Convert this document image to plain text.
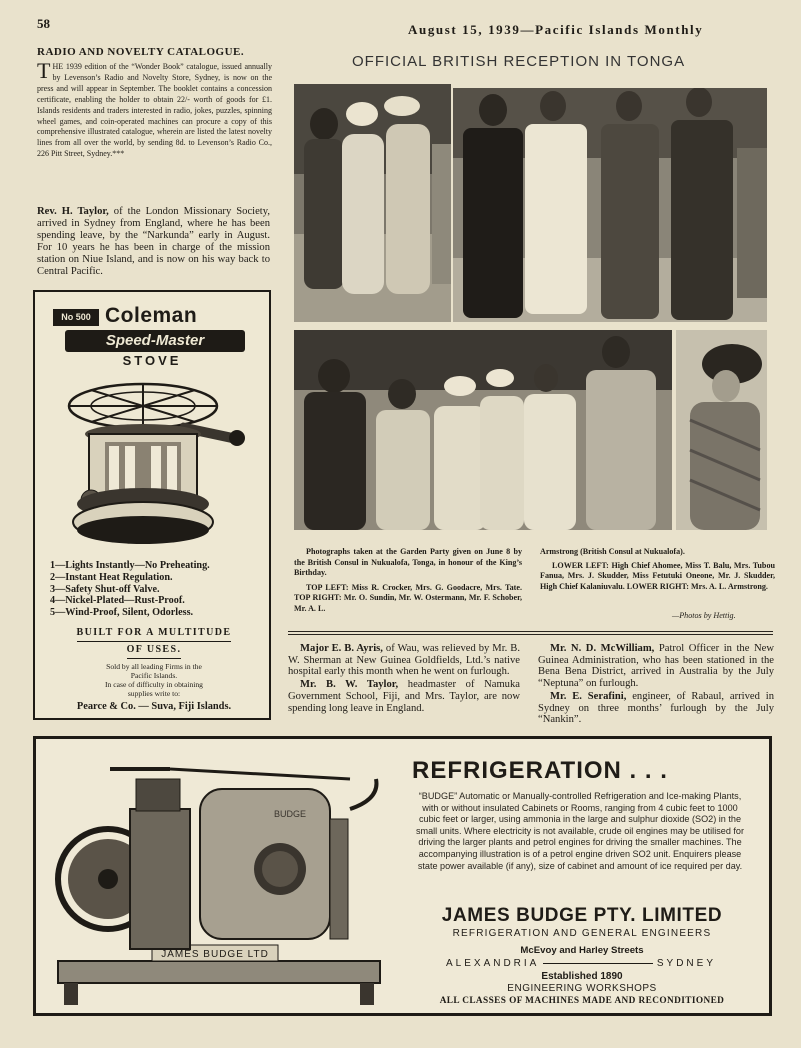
58	August 15, 1939—Pacific Islands Monthly
RADIO AND NOVELTY CATALOGUE.
THE 1939 edition of the “Wonder Book” catalogue, issued annually by Levenson’s Radio and Novelty Store, Sydney, is now on the press and will appear in September. The booklet contains a concession certificate, enabling the holder to obtain 22/- worth of goods for £1. Islands residents and traders interested in radio, jokes, puzzles, spinning wheel games, and coin-operated machines can procure a copy of this comprehensive illustrated catalogue, wherein are listed the latest novelty lines from all over the world, by sending 8d. to Levenson’s Radio Co., 226 Pitt Street, Sydney.***
Rev. H. Taylor, of the London Missionary Society, arrived in Sydney from England, where he has been spending leave, by the “Narkunda” early in August. For 10 years he has been in charge of the mission station on Niue Island, and is now on his way back to Central Pacific.
No 500 Coleman
Speed-Master
STOVE
1—Lights Instantly—No Preheating.
2—Instant Heat Regulation.
3—Safety Shut-off Valve.
4—Nickel-Plated—Rust-Proof.
5—Wind-Proof, Silent, Odorless.
BUILT FOR A MULTITUDE
OF USES.
Sold by all leading Firms in the
Pacific Islands.
In case of difficulty in obtaining
supplies write to:
Pearce & Co. — Suva, Fiji Islands.
OFFICIAL BRITISH RECEPTION IN TONGA
Photographs taken at the Garden Party given on June 8 by the British Consul in Nukualofa, Tonga, in honour of the King’s Birthday.
TOP LEFT: Miss R. Crocker, Mrs. G. Goodacre, Mrs. Tate. TOP RIGHT: Mr. O. Sundin, Mr. W. Ostermann, Mr. F. Schober, Mr. A. L.
Armstrong (British Consul at Nukualofa).
LOWER LEFT: High Chief Ahomee, Miss T. Balu, Mrs. Tubou Fanua, Mrs. J. Skudder, Miss Fetutuki Oneone, Mr. J. Skudder, High Chief Kalaniuvalu. LOWER RIGHT: Mrs. A. L. Armstrong.
—Photos by Hettig.

Major E. B. Ayris, of Wau, was relieved by Mr. B. W. Sherman at New Guinea Goldfields, Ltd.’s native hospital early this month when he went on furlough.

Mr. B. W. Taylor, headmaster of Namuka Government School, Fiji, and Mrs. Taylor, are now spending long leave in England.

Mr. N. D. McWilliam, Patrol Officer in the New Guinea Administration, who has been stationed in the Bena Bena District, arrived in Australia by the July “Neptuna” on furlough.

Mr. E. Serafini, engineer, of Rabaul, arrived in Sydney on three months’ furlough by the July “Nankin”.

JAMES BUDGE LTD
BUDGE
REFRIGERATION . . .
“BUDGE” Automatic or Manually-controlled Refrigeration and Ice-making Plants, with or without insulated Cabinets or Rooms, ranging from 4 cubic feet to 1000 cubic feet or larger, using ammonia in the large and sulphur dioxide (SO2) in the small units. Where electricity is not available, crude oil engines may be utilised for driving the larger plants and petrol engines for driving the smaller machines. The accompanying illustration is of a petrol engine driven SO2 unit. Enquirers please state power available (if any), size of cabinet and amount of ice required per day.
JAMES BUDGE PTY. LIMITED
REFRIGERATION AND GENERAL ENGINEERS
McEvoy and Harley Streets
ALEXANDRIA	SYDNEY
Established 1890
ENGINEERING WORKSHOPS
ALL CLASSES OF MACHINES MADE AND RECONDITIONED
